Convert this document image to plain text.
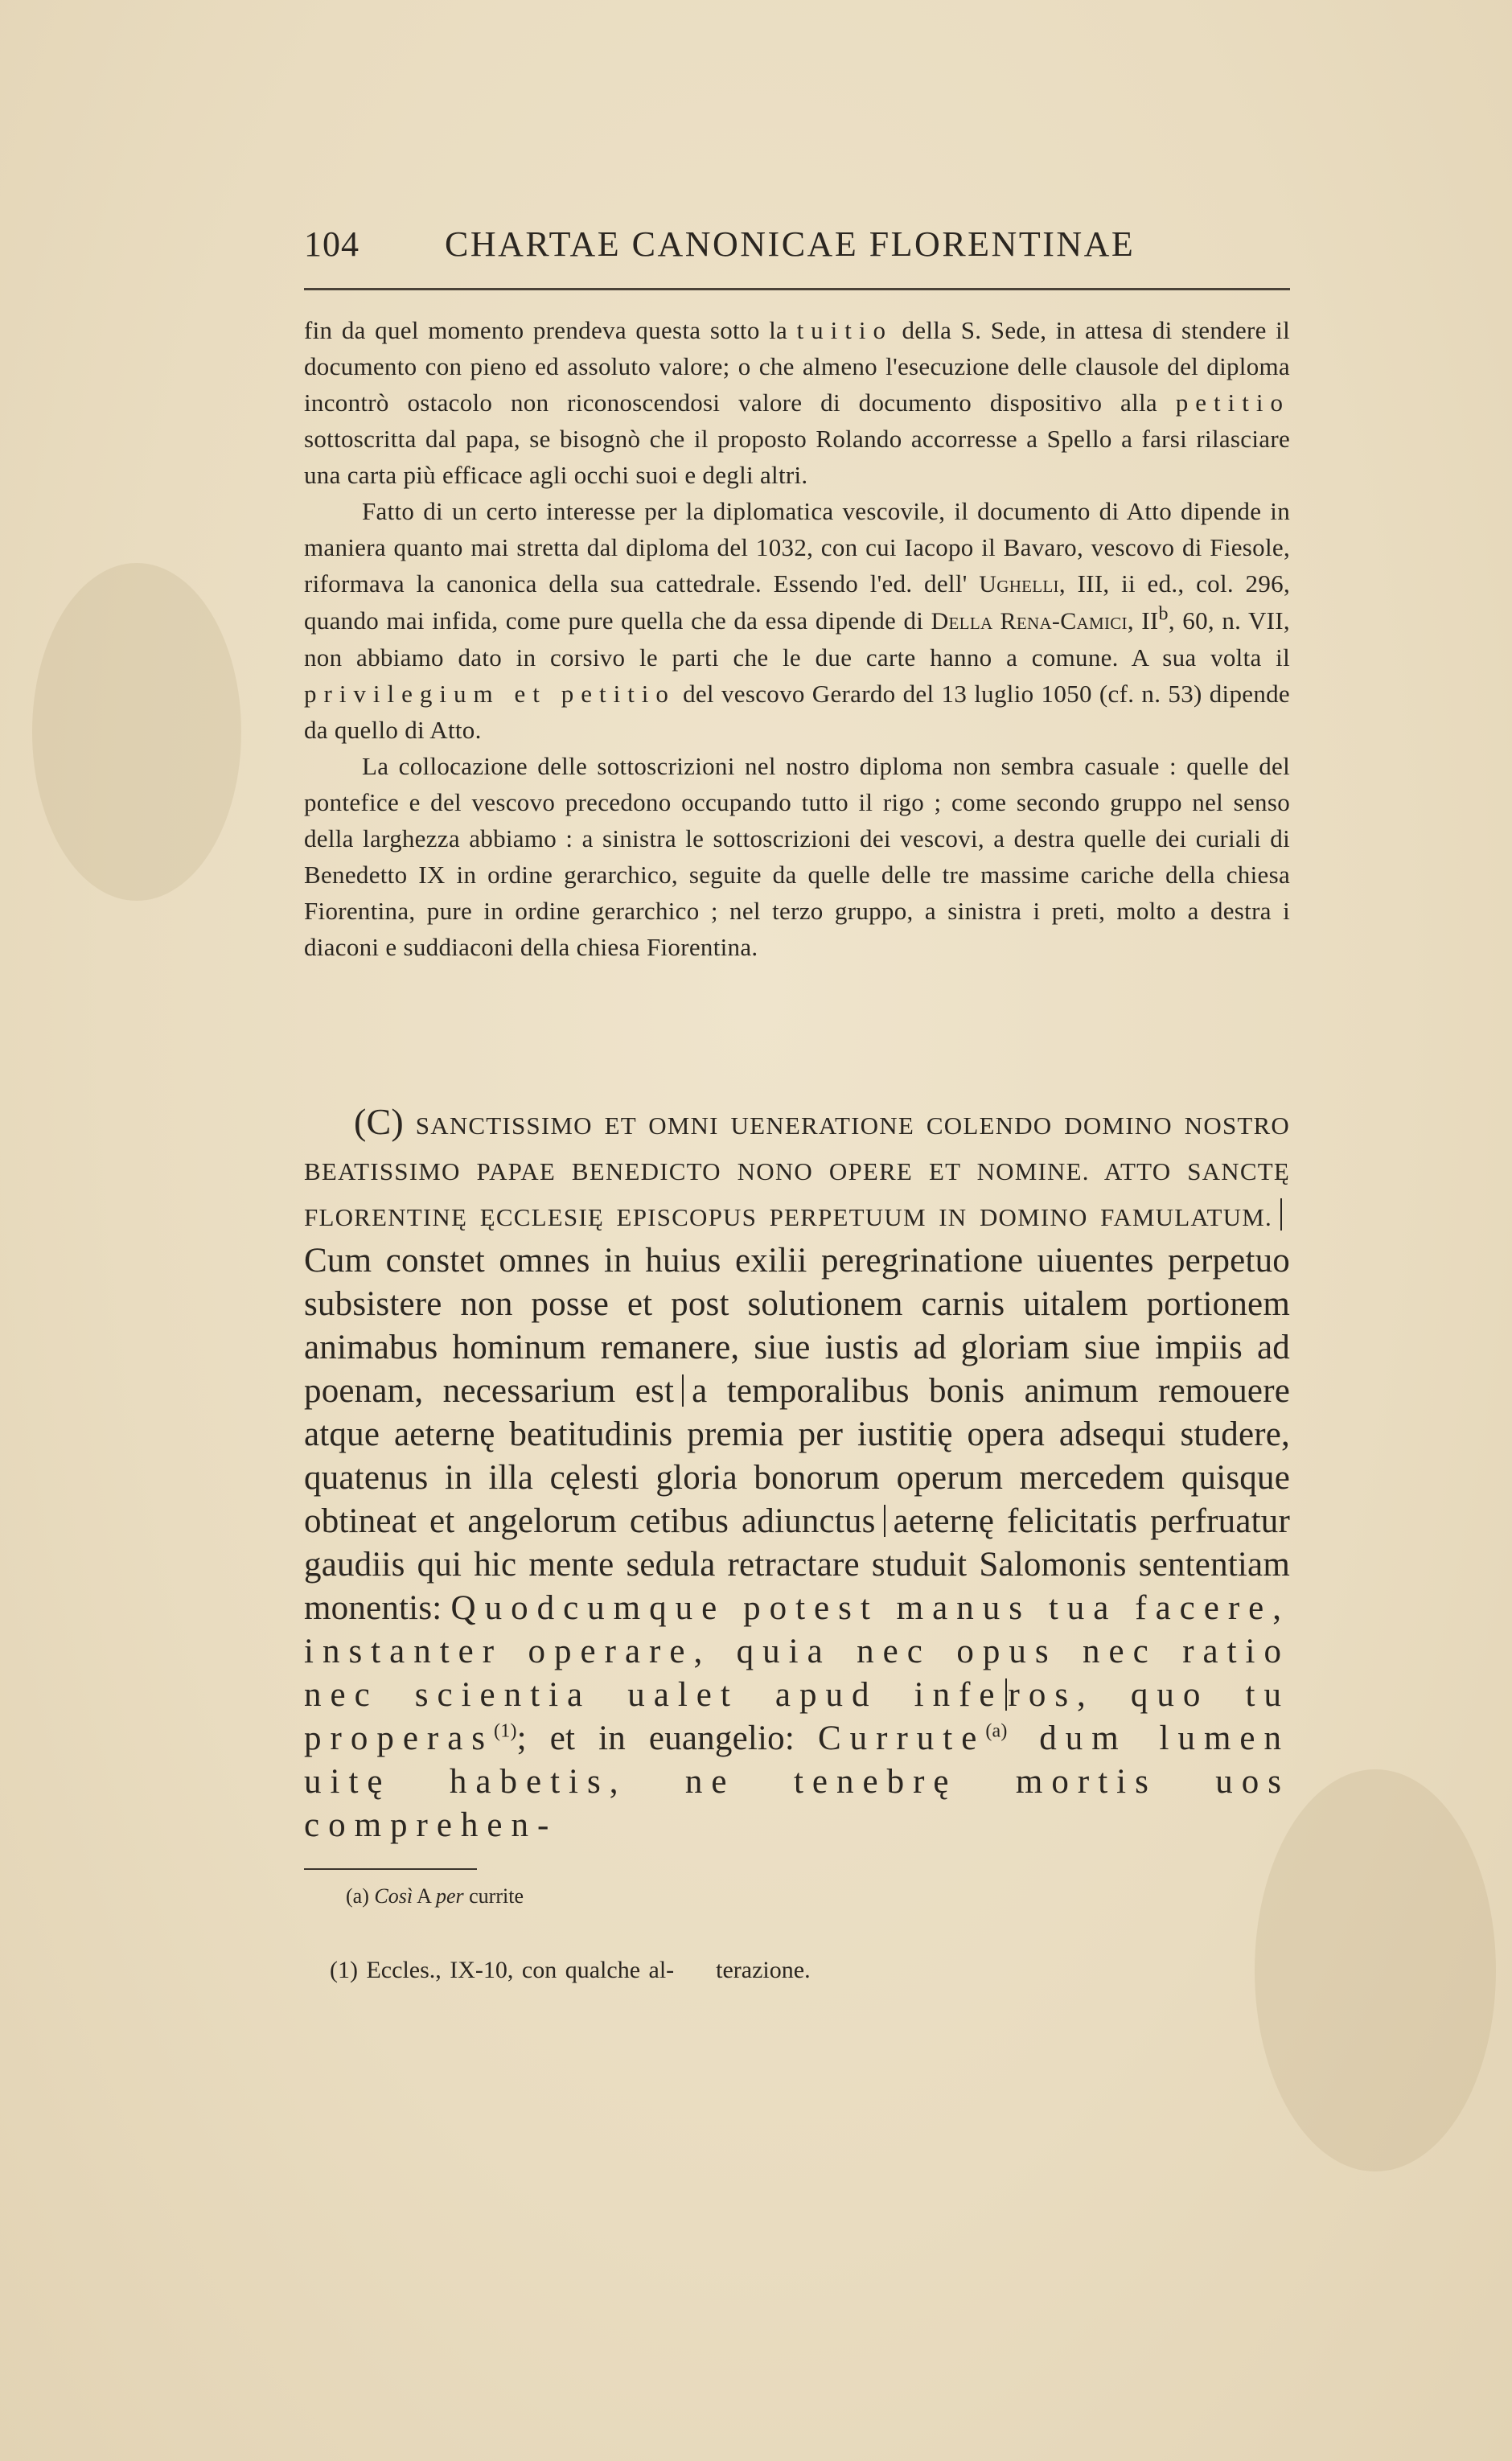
104 CHARTAE CANONICAE FLORENTINAE

fin da quel momento prendeva questa sotto la tuitio della S. Sede, in attesa di stendere il documento con pieno ed assoluto valore; o che almeno l'esecuzione delle clausole del diploma incontrò ostacolo non riconoscendosi valore di documento dispositivo alla petitio sottoscritta dal papa, se bisognò che il proposto Rolando accorresse a Spello a farsi rilasciare una carta più efficace agli occhi suoi e degli altri.

Fatto di un certo interesse per la diplomatica vescovile, il documento di Atto dipende in maniera quanto mai stretta dal diploma del 1032, con cui Iacopo il Bavaro, vescovo di Fiesole, riformava la canonica della sua cattedrale. Essendo l'ed. dell' Ughelli, III, ii ed., col. 296, quando mai infida, come pure quella che da essa dipende di Della Rena-Camici, $II^b$, 60, n. VII, non abbiamo dato in corsivo le parti che le due carte hanno a comune. A sua volta il privilegium et petitio del vescovo Gerardo del 13 luglio 1050 (cf. n. 53) dipende da quello di Atto.

La collocazione delle sottoscrizioni nel nostro diploma non sembra casuale : quelle del pontefice e del vescovo precedono occupando tutto il rigo ; come secondo gruppo nel senso della larghezza abbiamo : a sinistra le sottoscrizioni dei vescovi, a destra quelle dei curiali di Benedetto IX in ordine gerarchico, seguite da quelle delle tre massime cariche della chiesa Fiorentina, pure in ordine gerarchico ; nel terzo gruppo, a sinistra i preti, molto a destra i diaconi e suddiaconi della chiesa Fiorentina.

(C) SANCTISSIMO ET OMNI UENERATIONE COLENDO DOMINO NOSTRO BEATISSIMO PAPAE BENEDICTO NONO OPERE ET NOMINE. ATTO SANCTĘ FLORENTINĘ ĘCCLESIĘ EPISCOPUS PERPETUUM IN DOMINO FAMULATUM.Cum constet omnes in huius exilii peregrinatione uiuentes perpetuo subsistere non posse et post solutionem carnis uitalem portionem animabus hominum remanere, siue iustis ad gloriam siue impiis ad poenam, necessarium est a temporalibus bonis animum remouere atque aeternę beatitudinis premia per iustitię opera adsequi studere, quatenus in illa cęlesti gloria bonorum operum mercedem quisque obtineat et angelorum cetibus adiunctus aeternę felicitatis perfruatur gaudiis qui hic mente sedula retractare studuit Salomonis sententiam monentis: Quodcumque potest manus tua facere, instanter operare, quia nec opus nec ratio nec scientia ualet apud infe ros, quo tu properas$^{(1)}$; et in euangelio: Currute$^{(a)}$ dum lumen uitę habetis, ne tenebrę mortis uos comprehen-
(a) Così A per currite
(1) Eccles., IX-10, con qualche al- terazione.
